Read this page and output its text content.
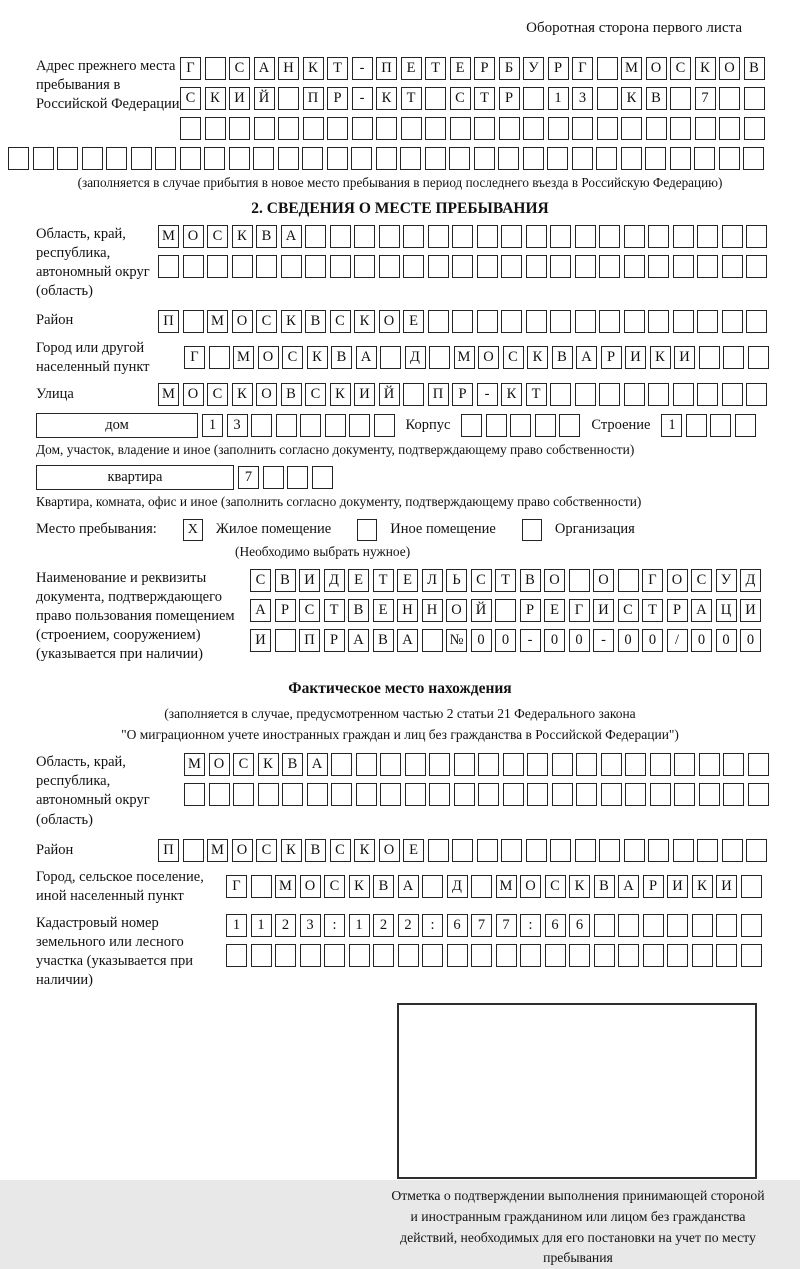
Оборотная сторона первого листа
Адрес прежнего места пребывания в Российской Федерации
Г	С А Н К	Т	-	П	Е	Т	Е	Р	Б	У	Р	Г	М О С	К О В
С	К И Й	П	Р	-	К	Т	С	Т	Р	1	3	К	В	7
(заполняется в случае прибытия в новое место пребывания в период последнего въезда в Российскую Федерацию)
2. СВЕДЕНИЯ О МЕСТЕ ПРЕБЫВАНИЯ
Область, край, республика, автономный округ (область)
М О С	К	В А
Район	П	М О С	К	В	С	К О	Е
Город или другой населенный пункт
Г	М О С	К	В А	Д	М О С	К	В А	Р	И К И
Улица	М О С	К О В	С	К И Й	П	Р	-	К	Т
дом	1	3	Корпус	Строение	1
Дом, участок, владение и иное (заполнить согласно документу, подтверждающему право собственности)
квартира	7
Квартира, комната, офис и иное (заполнить согласно документу, подтверждающему право собственности)
Место пребывания:	X	Жилое помещение	Иное помещение	Организация
(Необходимо выбрать нужное)
Наименование и реквизиты документа, подтверждающего право пользования помещением (строением, сооружением) (указывается при наличии)
С	В И Д	Е	Т	Е	Л	Ь	С	Т	В О	О	Г	О С	У Д
А	Р	С	Т	В	Е	Н Н О Й	Р	Е	Г	И С	Т	Р	А Ц И
И	П	Р	А В А	№ 0	0	-	0	0	-	0	0	/	0	0	0
Фактическое место нахождения
(заполняется в случае, предусмотренном частью 2 статьи 21 Федерального закона
"О миграционном учете иностранных граждан и лиц без гражданства в Российской Федерации")
Область, край, республика, автономный округ (область)
М О С	К	В А
Район	П	М О С	К	В	С	К О	Е
Город, сельское поселение, иной населенный пункт
Г	М О С	К	В А	Д	М О С	К	В А	Р	И К И
Кадастровый номер земельного или лесного участка (указывается при наличии)
1	1	2	3	:	1	2	2	:	6	7	7	:	6	6
Отметка о подтверждении выполнения принимающей стороной и иностранным гражданином или лицом без гражданства действий, необходимых для его постановки на учет по месту пребывания
